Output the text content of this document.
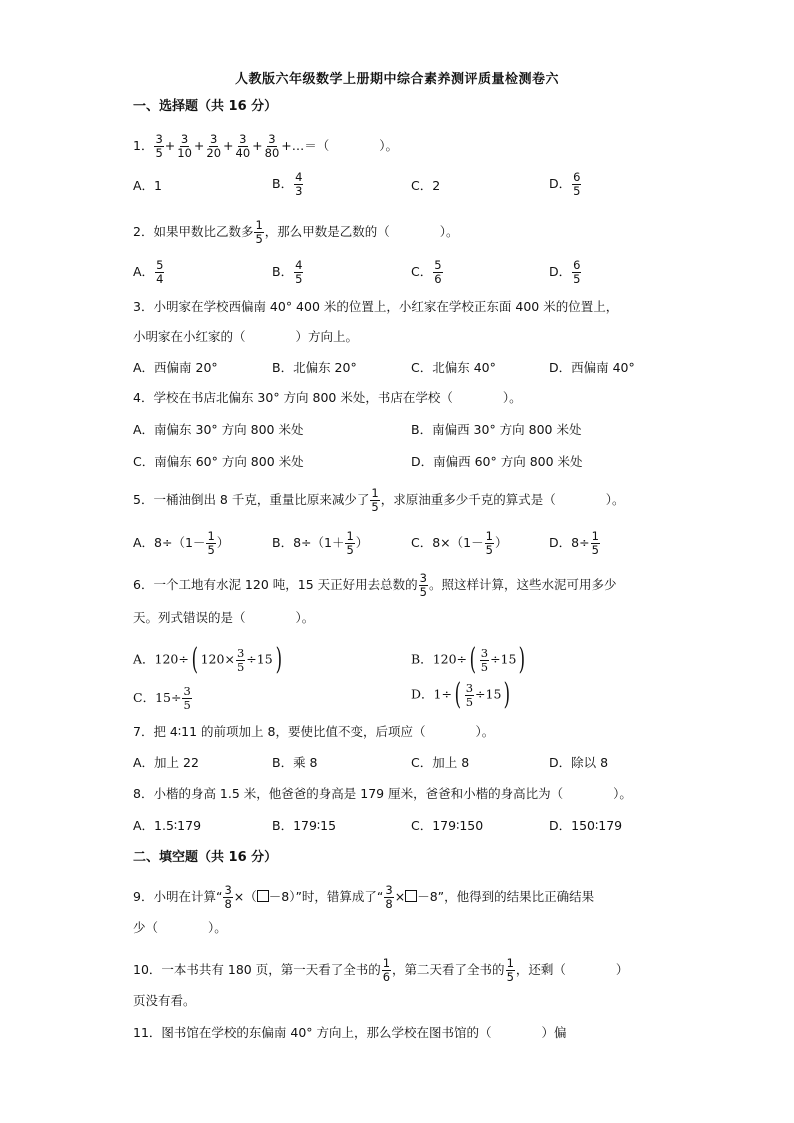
人教版六年级数学上册期中综合素养测评质量检测卷六
一、选择题（共 16 分）
1． $\frac{3}{5} + \frac{3}{10} + \frac{3}{20} + \frac{3}{40} + \frac{3}{80}$ +…＝（　　　　）。
A．1	B． $\frac{4}{3}$	C．2	D． $\frac{6}{5}$
2．如果甲数比乙数多 $\frac{1}{5}$ ，那么甲数是乙数的（　　　　）。
A． $\frac{5}{4}$	B． $\frac{4}{5}$	C． $\frac{5}{6}$	D． $\frac{6}{5}$
3．小明家在学校西偏南 40° 400 米的位置上，小红家在学校正东面 400 米的位置上，
小明家在小红家的（　　　　）方向上。
A．西偏南 20°	B．北偏东 20°	C．北偏东 40°	D．西偏南 40°
4．学校在书店北偏东 30° 方向 800 米处，书店在学校（　　　　）。
A．南偏东 30° 方向 800 米处	B．南偏西 30° 方向 800 米处
C．南偏东 60° 方向 800 米处	D．南偏西 60° 方向 800 米处
5．一桶油倒出 8 千克，重量比原来减少了 $\frac{1}{5}$ ，求原油重多少千克的算式是（　　　　）。
A．$8\div(1- \frac{1}{5}$ ）	B．$8\div(1+ \frac{1}{5}$ ）	C．$8\times(1- \frac{1}{5}$ ）	D．$8\div \frac{1}{5}$
6．一个工地有水泥 120 吨，15 天正好用去总数的 $\frac{3}{5}$ 。照这样计算，这些水泥可用多少
天。列式错误的是（　　　　）。
A．120÷( $120\times \frac{3}{5} \div 15$)	B．$120\div( \frac{3}{5} \div 15)$
C．$15\div \frac{3}{5}$	D．$1\div( \frac{3}{5} \div 15)$
7．把 4∶11 的前项加上 8，要使比值不变，后项应（　　　　）。
A．加上 22	B．乘 8	C．加上 8	D．除以 8
8．小楷的身高 1.5 米，他爸爸的身高是 179 厘米，爸爸和小楷的身高比为（　　　　）。
A．1.5∶179	B．179∶15	C．179∶150	D．150∶179
二、填空题（共 16 分）
9．小明在计算“ $\frac{3}{8}$ ×（ －8）”时，错算成了“ $\frac{3}{8} \times -8$”，他得到的结果比正确结果
少（　　　　）。
10．一本书共有 180 页，第一天看了全书的 $\frac{1}{6}$ ，第二天看了全书的 $\frac{1}{5}$ ，还剩（　　　　）
页没有看。
11．图书馆在学校的东偏南 40° 方向上，那么学校在图书馆的（　　　　）偏
